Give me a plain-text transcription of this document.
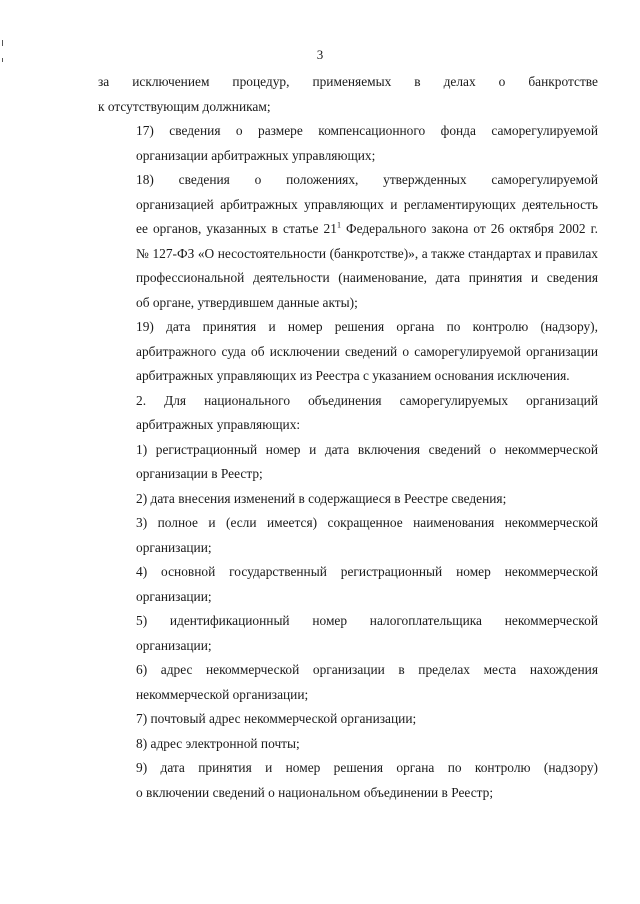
3

за исключением процедур, применяемых в делах о банкротстве
к отсутствующим должникам;

17) сведения о размере компенсационного фонда саморегулируемой
организации арбитражных управляющих;

18) сведения о положениях, утвержденных саморегулируемой
организацией арбитражных управляющих и регламентирующих деятельность
ее органов, указанных в статье $21^1$ Федерального закона от 26 октября 2002 г.
№ 127-ФЗ «О несостоятельности (банкротстве)», а также стандартах и правилах
профессиональной деятельности (наименование, дата принятия и сведения
об органе, утвердившем данные акты);

19) дата принятия и номер решения органа по контролю (надзору),
арбитражного суда об исключении сведений о саморегулируемой организации
арбитражных управляющих из Реестра с указанием основания исключения.

2. Для национального объединения саморегулируемых организаций
арбитражных управляющих:

1) регистрационный номер и дата включения сведений о некоммерческой
организации в Реестр;

2) дата внесения изменений в содержащиеся в Реестре сведения;

3) полное и (если имеется) сокращенное наименования некоммерческой
организации;

4) основной государственный регистрационный номер некоммерческой
организации;

5) идентификационный номер налогоплательщика некоммерческой
организации;

6) адрес некоммерческой организации в пределах места нахождения
некоммерческой организации;

7) почтовый адрес некоммерческой организации;

8) адрес электронной почты;

9) дата принятия и номер решения органа по контролю (надзору)
о включении сведений о национальном объединении в Реестр;
